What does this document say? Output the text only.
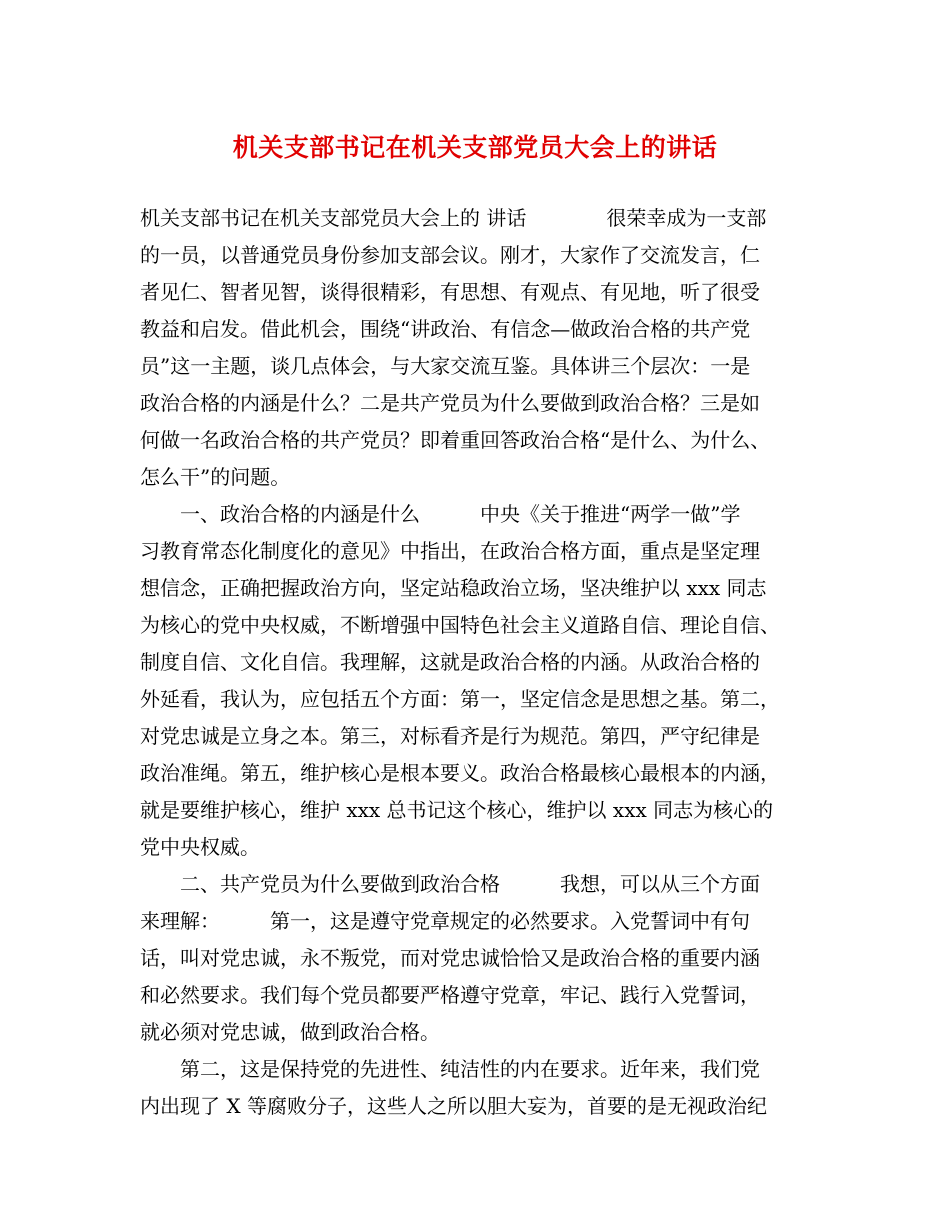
机关支部书记在机关支部党员大会上的讲话
机关支部书记在机关支部党员大会上的 讲话　　　　很荣幸成为一支部
的一员，以普通党员身份参加支部会议。刚才，大家作了交流发言，仁
者见仁、智者见智，谈得很精彩，有思想、有观点、有见地，听了很受
教益和启发。借此机会，围绕“讲政治、有信念—做政治合格的共产党
员”这一主题，谈几点体会，与大家交流互鉴。具体讲三个层次：一是
政治合格的内涵是什么？二是共产党员为什么要做到政治合格？三是如
何做一名政治合格的共产党员？即着重回答政治合格“是什么、为什么、
怎么干”的问题。
　　一、政治合格的内涵是什么　　　中央《关于推进“两学一做”学
习教育常态化制度化的意见》中指出，在政治合格方面，重点是坚定理
想信念，正确把握政治方向，坚定站稳政治立场，坚决维护以 xxx 同志
为核心的党中央权威，不断增强中国特色社会主义道路自信、理论自信、
制度自信、文化自信。我理解，这就是政治合格的内涵。从政治合格的
外延看，我认为，应包括五个方面：第一，坚定信念是思想之基。第二，
对党忠诚是立身之本。第三，对标看齐是行为规范。第四，严守纪律是
政治准绳。第五，维护核心是根本要义。政治合格最核心最根本的内涵，
就是要维护核心，维护 xxx 总书记这个核心，维护以 xxx 同志为核心的
党中央权威。
　　二、共产党员为什么要做到政治合格　　　我想，可以从三个方面
来理解：　　　第一，这是遵守党章规定的必然要求。入党誓词中有句
话，叫对党忠诚，永不叛党，而对党忠诚恰恰又是政治合格的重要内涵
和必然要求。我们每个党员都要严格遵守党章，牢记、践行入党誓词，
就必须对党忠诚，做到政治合格。
　　第二，这是保持党的先进性、纯洁性的内在要求。近年来，我们党
内出现了 X 等腐败分子，这些人之所以胆大妄为，首要的是无视政治纪
